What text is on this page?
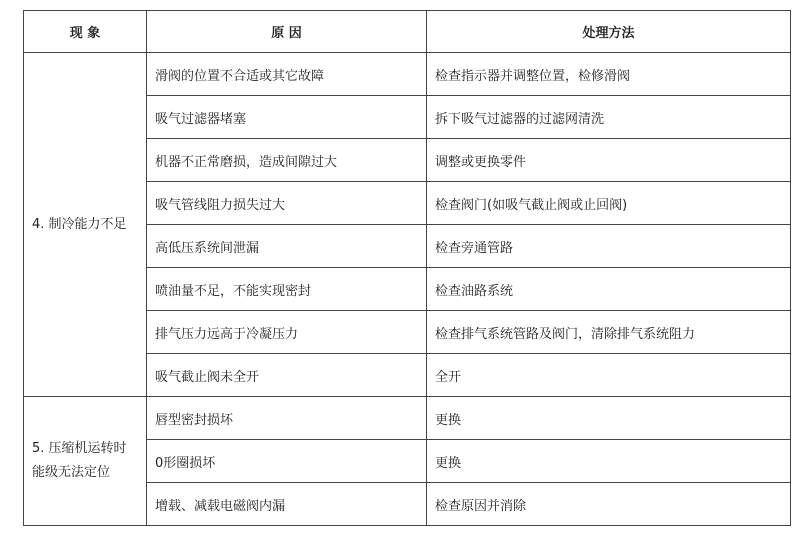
现 象	原 因	处理方法
4. 制冷能力不足	滑阀的位置不合适或其它故障	检查指示器并调整位置，检修滑阀
	吸气过滤器堵塞	拆下吸气过滤器的过滤网清洗
	机器不正常磨损，造成间隙过大	调整或更换零件
	吸气管线阻力损失过大	检查阀门(如吸气截止阀或止回阀)
	高低压系统间泄漏	检查旁通管路
	喷油量不足，不能实现密封	检查油路系统
	排气压力远高于冷凝压力	检查排气系统管路及阀门，清除排气系统阻力
	吸气截止阀未全开	全开
5. 压缩机运转时能级无法定位	唇型密封损坏	更换
	0形圈损坏	更换
	增载、减载电磁阀内漏	检查原因并消除
